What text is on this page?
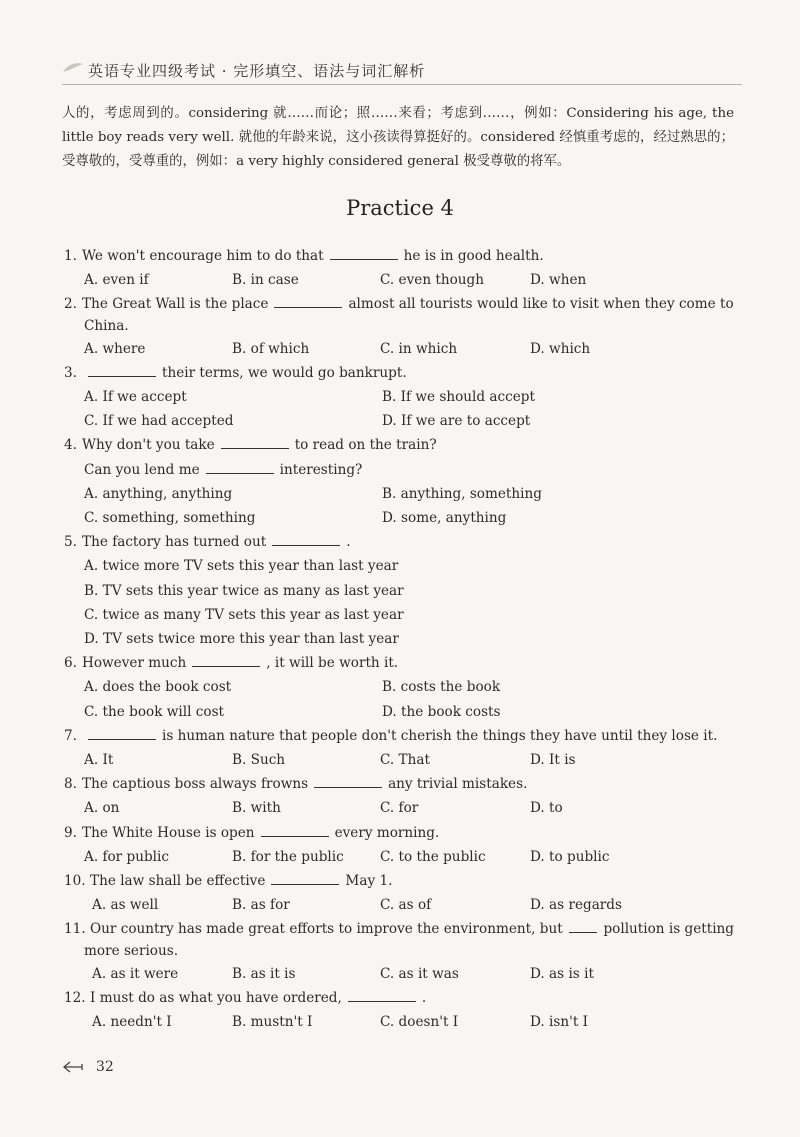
英语专业四级考试 · 完形填空、语法与词汇解析

人的，考虑周到的。considering 就……而论；照……来看；考虑到……，例如：Considering his age, the little boy reads very well. 就他的年龄来说，这小孩读得算挺好的。considered 经慎重考虑的，经过熟思的；受尊敬的，受尊重的，例如：a very highly considered general 极受尊敬的将军。

Practice 4
1. We won't encourage him to do that	he is in good health.
A. even if	B. in case	C. even though	D. when
2. The Great Wall is the place	almost all tourists would like to visit when they come to
China.
A. where	B. of which	C. in which	D. which
3.	their terms, we would go bankrupt.
A. If we accept	B. If we should accept
C. If we had accepted	D. If we are to accept
4. Why don't you take	to read on the train?
Can you lend me	interesting?
A. anything, anything	B. anything, something
C. something, something	D. some, anything
5. The factory has turned out	.
A. twice more TV sets this year than last year
B. TV sets this year twice as many as last year
C. twice as many TV sets this year as last year
D. TV sets twice more this year than last year
6. However much	, it will be worth it.
A. does the book cost	B. costs the book
C. the book will cost	D. the book costs
7.	is human nature that people don't cherish the things they have until they lose it.
A. It	B. Such	C. That	D. It is
8. The captious boss always frowns	any trivial mistakes.
A. on	B. with	C. for	D. to
9. The White House is open	every morning.
A. for public	B. for the public	C. to the public	D. to public
10. The law shall be effective	May 1.
A. as well	B. as for	C. as of	D. as regards
11. Our country has made great efforts to improve the environment, but	pollution is getting
more serious.
A. as it were	B. as it is	C. as it was	D. as is it
12. I must do as what you have ordered,	.
A. needn't I	B. mustn't I	C. doesn't I	D. isn't I
32
